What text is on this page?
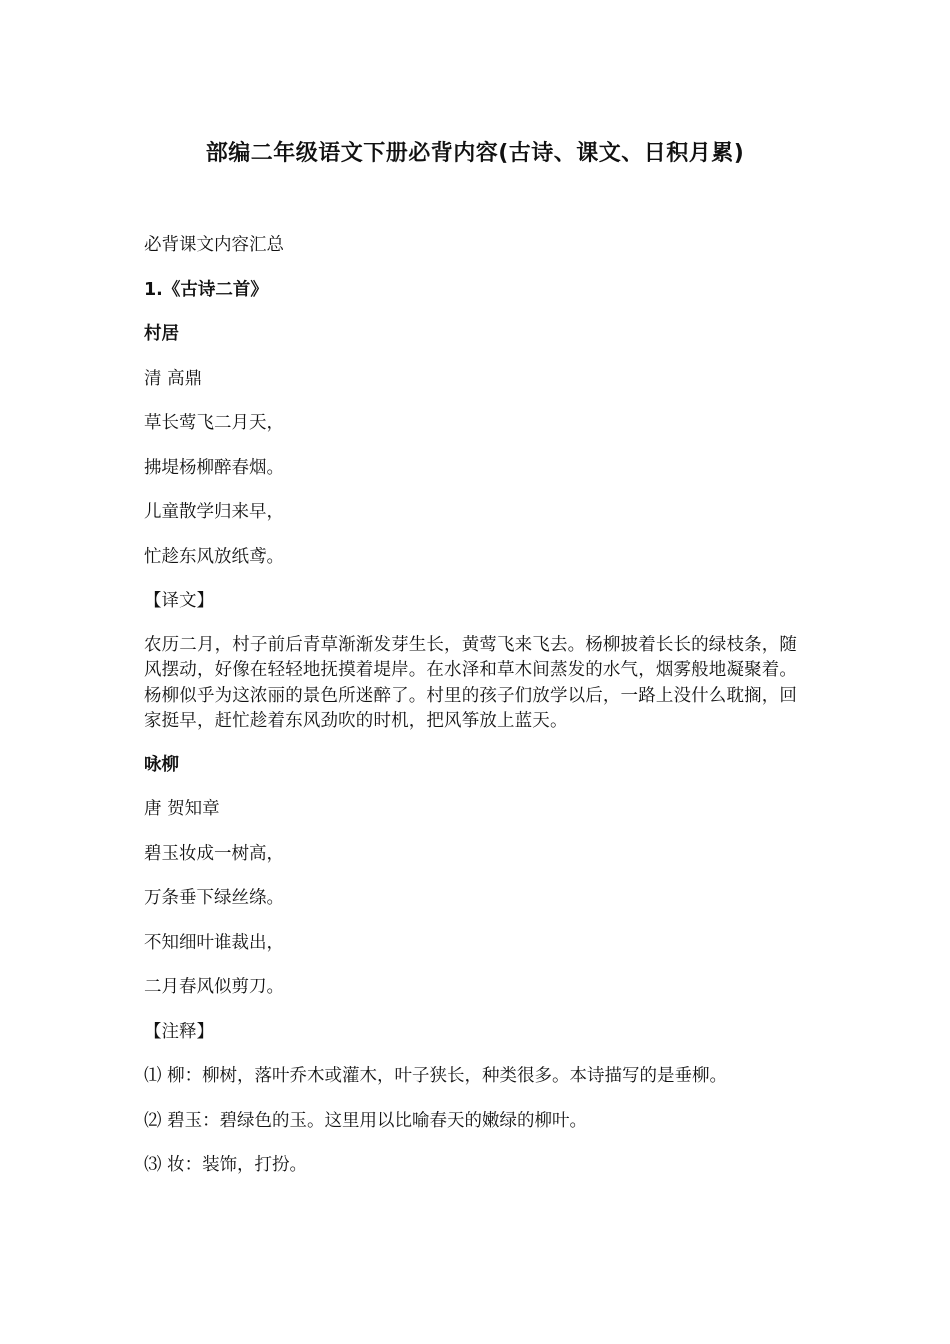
部编二年级语文下册必背内容(古诗、课文、日积月累)

必背课文内容汇总

1.《古诗二首》

村居

清 高鼎

草长莺飞二月天，

拂堤杨柳醉春烟。

儿童散学归来早，

忙趁东风放纸鸢。

【译文】

农历二月，村子前后青草渐渐发芽生长，黄莺飞来飞去。杨柳披着长长的绿枝条，随风摆动，好像在轻轻地抚摸着堤岸。在水泽和草木间蒸发的水气，烟雾般地凝聚着。杨柳似乎为这浓丽的景色所迷醉了。村里的孩子们放学以后，一路上没什么耽搁，回家挺早，赶忙趁着东风劲吹的时机，把风筝放上蓝天。

咏柳

唐 贺知章

碧玉妆成一树高，

万条垂下绿丝绦。

不知细叶谁裁出，

二月春风似剪刀。

【注释】

⑴ 柳：柳树，落叶乔木或灌木，叶子狭长，种类很多。本诗描写的是垂柳。

⑵ 碧玉：碧绿色的玉。这里用以比喻春天的嫩绿的柳叶。

⑶ 妆：装饰，打扮。
